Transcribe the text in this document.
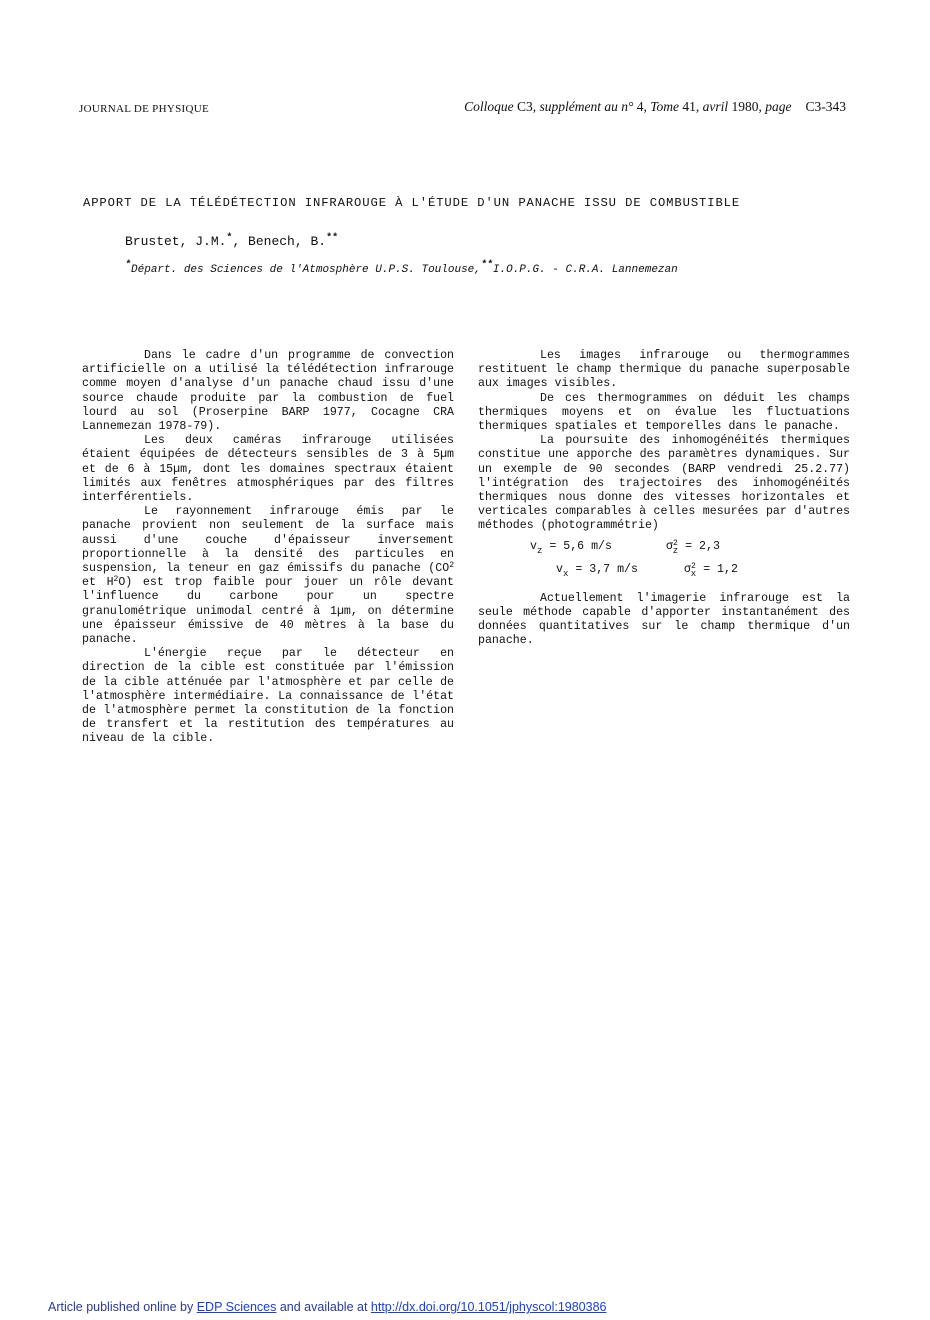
JOURNAL DE PHYSIQUE	Colloque C3, supplément au n° 4, Tome 41, avril 1980, page C3-343
APPORT DE LA TÉLÉDÉTECTION INFRAROUGE À L'ÉTUDE D'UN PANACHE ISSU DE COMBUSTIBLE
Brustet, J.M.*, Benech, B.**
*Départ. des Sciences de l'Atmosphère U.P.S. Toulouse,**I.O.P.G. - C.R.A. Lannemezan

Dans le cadre d'un programme de convection artificielle on a utilisé la télédétection infrarouge comme moyen d'analyse d'un panache chaud issu d'une source chaude produite par la combustion de fuel lourd au sol (Proserpine BARP 1977, Cocagne CRA Lannemezan 1978-79).

Les deux caméras infrarouge utilisées étaient équipées de détecteurs sensibles de 3 à 5µm et de 6 à 15µm, dont les domaines spectraux étaient limités aux fenêtres atmosphériques par des filtres interférentiels.

Le rayonnement infrarouge émis par le panache provient non seulement de la surface mais aussi d'une couche d'épaisseur inversement proportionnelle à la densité des particules en suspension, la teneur en gaz émissifs du panache ($CO^2$ et $H^2O$) est trop faible pour jouer un rôle devant l'influence du carbone pour un spectre granulométrique unimodal centré à 1µm, on détermine une épaisseur émissive de 40 mètres à la base du panache.

L'énergie reçue par le détecteur en direction de la cible est constituée par l'émission de la cible atténuée par l'atmosphère et par celle de l'atmosphère intermédiaire. La connaissance de l'état de l'atmosphère permet la constitution de la fonction de transfert et la restitution des températures au niveau de la cible.

Les images infrarouge ou thermogrammes restituent le champ thermique du panache superposable aux images visibles.

De ces thermogrammes on déduit les champs thermiques moyens et on évalue les fluctuations thermiques spatiales et temporelles dans le panache.

La poursuite des inhomogénéités thermiques constitue une apporche des paramètres dynamiques. Sur un exemple de 90 secondes (BARP vendredi 25.2.77) l'intégration des trajectoires des inhomogénéités thermiques nous donne des vitesses horizontales et verticales comparables à celles mesurées par d'autres méthodes (photogrammétrie)

$v_z = 5,6$ m/s	$\sigma^2_z = 2,3$
$v_x = 3,7$ m/s	$\sigma^2_x = 1,2$

Actuellement l'imagerie infrarouge est la seule méthode capable d'apporter instantanément des données quantitatives sur le champ thermique d'un panache.

Article published online by EDP Sciences and available at http://dx.doi.org/10.1051/jphyscol:1980386
